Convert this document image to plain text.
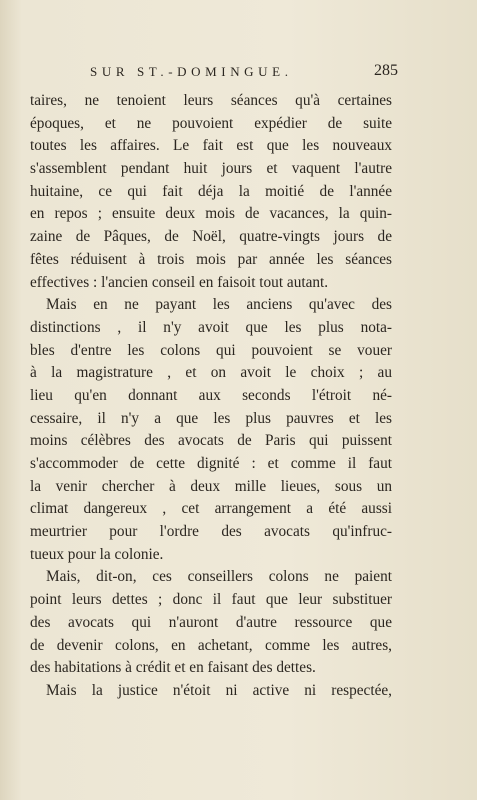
SUR ST.-DOMINGUE.	285
taires, ne tenoient leurs séances qu'à certaines
époques, et ne pouvoient expédier de suite
toutes les affaires. Le fait est que les nouveaux
s'assemblent pendant huit jours et vaquent l'autre
huitaine, ce qui fait déja la moitié de l'année
en repos ; ensuite deux mois de vacances, la quin-
zaine de Pâques, de Noël, quatre-vingts jours de
fêtes réduisent à trois mois par année les séances
effectives : l'ancien conseil en faisoit tout autant.
Mais en ne payant les anciens qu'avec des
distinctions , il n'y avoit que les plus nota-
bles d'entre les colons qui pouvoient se vouer
à la magistrature , et on avoit le choix ; au
lieu qu'en donnant aux seconds l'étroit né-
cessaire, il n'y a que les plus pauvres et les
moins célèbres des avocats de Paris qui puissent
s'accommoder de cette dignité : et comme il faut
la venir chercher à deux mille lieues, sous un
climat dangereux , cet arrangement a été aussi
meurtrier pour l'ordre des avocats qu'infruc-
tueux pour la colonie.
Mais, dit-on, ces conseillers colons ne paient
point leurs dettes ; donc il faut que leur substituer
des avocats qui n'auront d'autre ressource que
de devenir colons, en achetant, comme les autres,
des habitations à crédit et en faisant des dettes.
Mais la justice n'étoit ni active ni respectée,
